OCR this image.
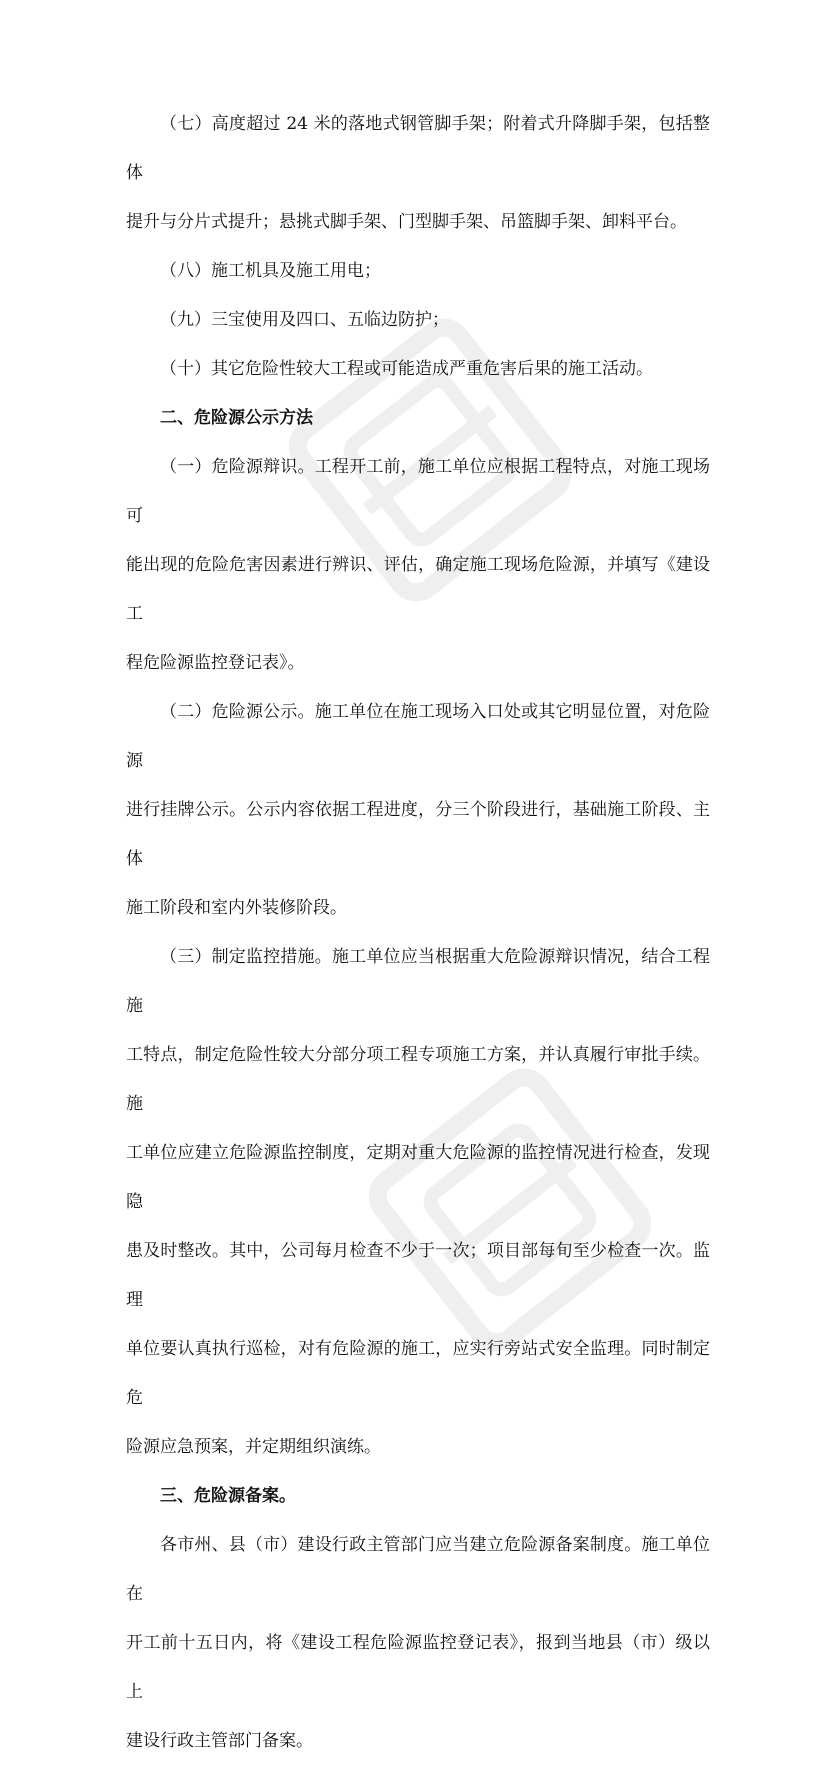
（七）高度超过 24 米的落地式钢管脚手架；附着式升降脚手架，包括整体
提升与分片式提升；悬挑式脚手架、门型脚手架、吊篮脚手架、卸料平台。

（八）施工机具及施工用电；

（九）三宝使用及四口、五临边防护；

（十）其它危险性较大工程或可能造成严重危害后果的施工活动。

二、危险源公示方法

（一）危险源辩识。工程开工前，施工单位应根据工程特点，对施工现场可
能出现的危险危害因素进行辨识、评估，确定施工现场危险源，并填写《建设工
程危险源监控登记表》。

（二）危险源公示。施工单位在施工现场入口处或其它明显位置，对危险源
进行挂牌公示。公示内容依据工程进度，分三个阶段进行，基础施工阶段、主体
施工阶段和室内外装修阶段。

（三）制定监控措施。施工单位应当根据重大危险源辩识情况，结合工程施
工特点，制定危险性较大分部分项工程专项施工方案，并认真履行审批手续。施
工单位应建立危险源监控制度，定期对重大危险源的监控情况进行检查，发现隐
患及时整改。其中，公司每月检查不少于一次；项目部每旬至少检查一次。监理
单位要认真执行巡检，对有危险源的施工，应实行旁站式安全监理。同时制定危
险源应急预案，并定期组织演练。

三、危险源备案。

各市州、县（市）建设行政主管部门应当建立危险源备案制度。施工单位在
开工前十五日内，将《建设工程危险源监控登记表》，报到当地县（市）级以上
建设行政主管部门备案。
